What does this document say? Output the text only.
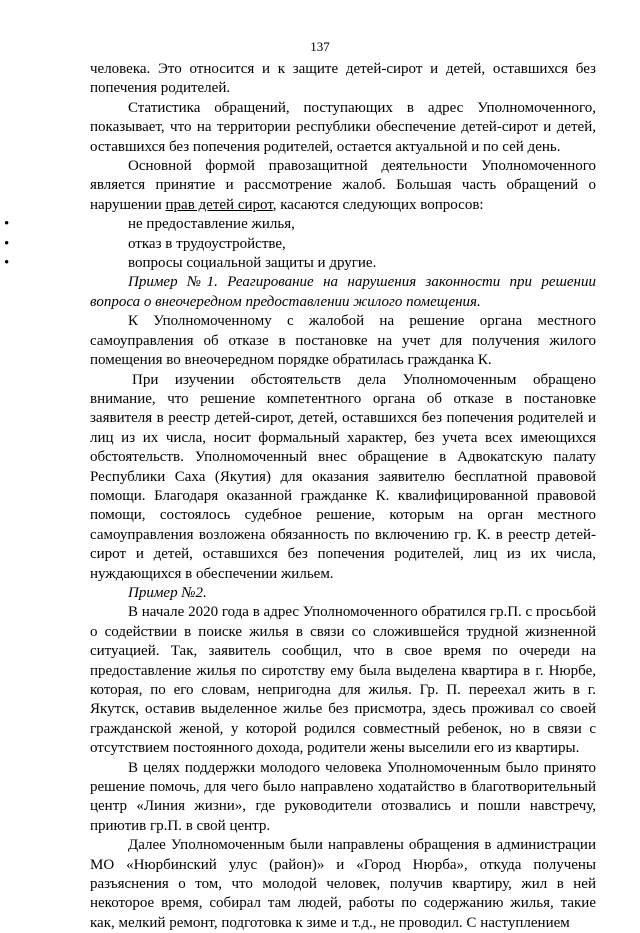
137

человека. Это относится и к защите детей-сирот и детей, оставшихся без попечения родителей.

Статистика обращений, поступающих в адрес Уполномоченного, показывает, что на территории республики обеспечение детей-сирот и детей, оставшихся без попечения родителей, остается актуальной и по сей день.

Основной формой правозащитной деятельности Уполномоченного является принятие и рассмотрение жалоб. Большая часть обращений о нарушении прав детей сирот, касаются следующих вопросов:

•	не предоставление жилья,
•	отказ в трудоустройстве,
•	вопросы социальной защиты и другие.

Пример №1. Реагирование на нарушения законности при решении вопроса о внеочередном предоставлении жилого помещения.

К Уполномоченному с жалобой на решение органа местного самоуправления об отказе в постановке на учет для получения жилого помещения во внеочередном порядке обратилась гражданка К.

При изучении обстоятельств дела Уполномоченным обращено внимание, что решение компетентного органа об отказе в постановке заявителя в реестр детей-сирот, детей, оставшихся без попечения родителей и лиц из их числа, носит формальный характер, без учета всех имеющихся обстоятельств. Уполномоченный внес обращение в Адвокатскую палату Республики Саха (Якутия) для оказания заявителю бесплатной правовой помощи. Благодаря оказанной гражданке К. квалифицированной правовой помощи, состоялось судебное решение, которым на орган местного самоуправления возложена обязанность по включению гр. К. в реестр детей-сирот и детей, оставшихся без попечения родителей, лиц из их числа, нуждающихся в обеспечении жильем.

Пример №2.

В начале 2020 года в адрес Уполномоченного обратился гр.П. с просьбой о содействии в поиске жилья в связи со сложившейся трудной жизненной ситуацией. Так, заявитель сообщил, что в свое время по очереди на предоставление жилья по сиротству ему была выделена квартира в г. Нюрбе, которая, по его словам, непригодна для жилья. Гр. П. переехал жить в г. Якутск, оставив выделенное жилье без присмотра, здесь проживал со своей гражданской женой, у которой родился совместный ребенок, но в связи с отсутствием постоянного дохода, родители жены выселили его из квартиры.

В целях поддержки молодого человека Уполномоченным было принято решение помочь, для чего было направлено ходатайство в благотворительный центр «Линия жизни», где руководители отозвались и пошли навстречу, приютив гр.П. в свой центр.

Далее Уполномоченным были направлены обращения в администрации МО «Нюрбинский улус (район)» и «Город Нюрба», откуда получены разъяснения о том, что молодой человек, получив квартиру, жил в ней некоторое время, собирал там людей, работы по содержанию жилья, такие как, мелкий ремонт, подготовка к зиме и т.д., не проводил. С наступлением
